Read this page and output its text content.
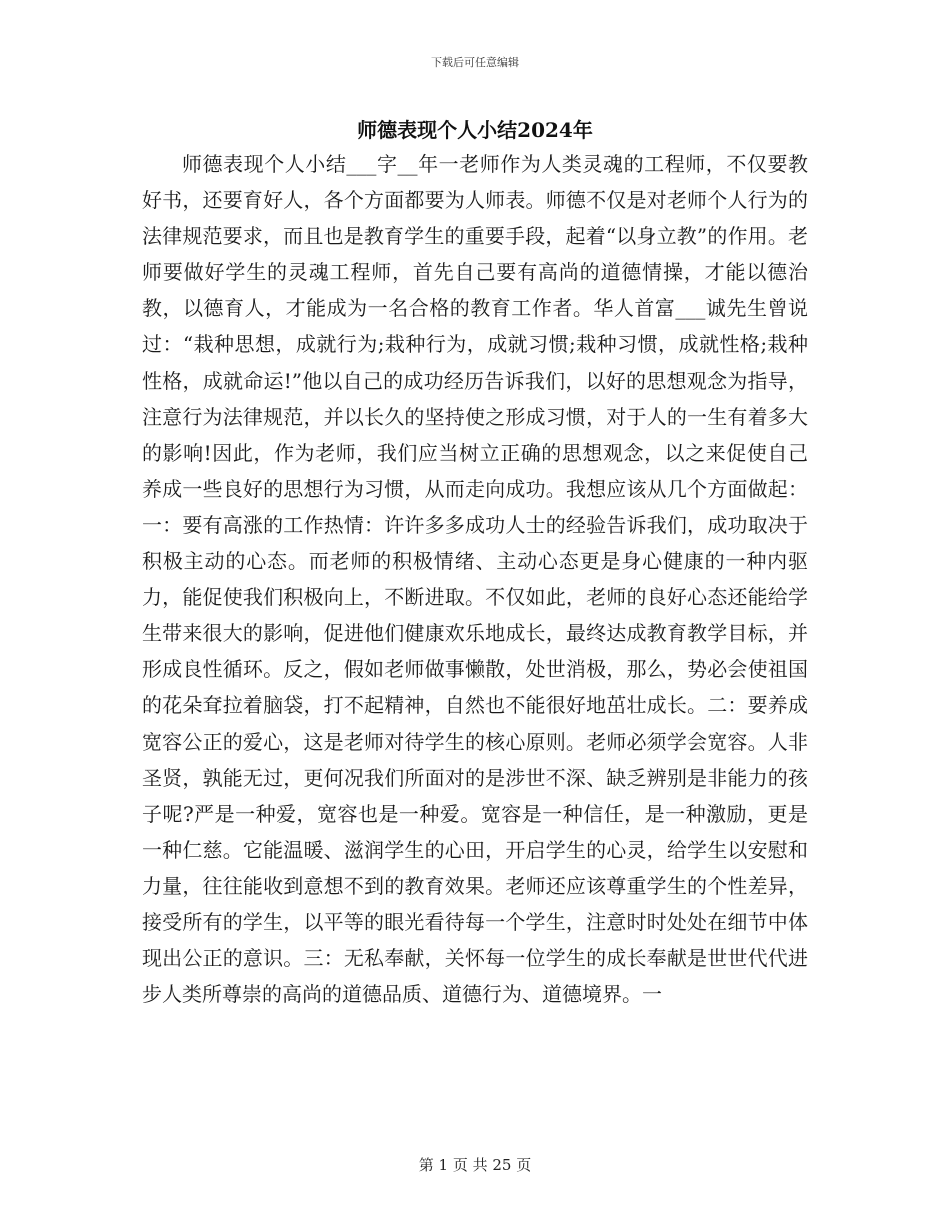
下载后可任意编辑
师德表现个人小结2024年

师德表现个人小结___字__年一老师作为人类灵魂的工程师，不仅要教好书，还要育好人，各个方面都要为人师表。师德不仅是对老师个人行为的法律规范要求，而且也是教育学生的重要手段，起着“以身立教”的作用。老师要做好学生的灵魂工程师，首先自己要有高尚的道德情操，才能以德治教，以德育人，才能成为一名合格的教育工作者。华人首富___诚先生曾说过：“栽种思想，成就行为;栽种行为，成就习惯;栽种习惯，成就性格;栽种性格，成就命运!”他以自己的成功经历告诉我们，以好的思想观念为指导，注意行为法律规范，并以长久的坚持使之形成习惯，对于人的一生有着多大的影响!因此，作为老师，我们应当树立正确的思想观念，以之来促使自己养成一些良好的思想行为习惯，从而走向成功。我想应该从几个方面做起：一：要有高涨的工作热情：许许多多成功人士的经验告诉我们，成功取决于积极主动的心态。而老师的积极情绪、主动心态更是身心健康的一种内驱力，能促使我们积极向上，不断进取。不仅如此，老师的良好心态还能给学生带来很大的影响，促进他们健康欢乐地成长，最终达成教育教学目标，并形成良性循环。反之，假如老师做事懒散，处世消极，那么，势必会使祖国的花朵耷拉着脑袋，打不起精神，自然也不能很好地茁壮成长。二：要养成宽容公正的爱心，这是老师对待学生的核心原则。老师必须学会宽容。人非圣贤，孰能无过，更何况我们所面对的是涉世不深、缺乏辨别是非能力的孩子呢?严是一种爱，宽容也是一种爱。宽容是一种信任，是一种激励，更是一种仁慈。它能温暖、滋润学生的心田，开启学生的心灵，给学生以安慰和力量，往往能收到意想不到的教育效果。老师还应该尊重学生的个性差异，接受所有的学生，以平等的眼光看待每一个学生，注意时时处处在细节中体现出公正的意识。三：无私奉献，关怀每一位学生的成长奉献是世世代代进步人类所尊崇的高尚的道德品质、道德行为、道德境界。一

第 1 页 共 25 页
